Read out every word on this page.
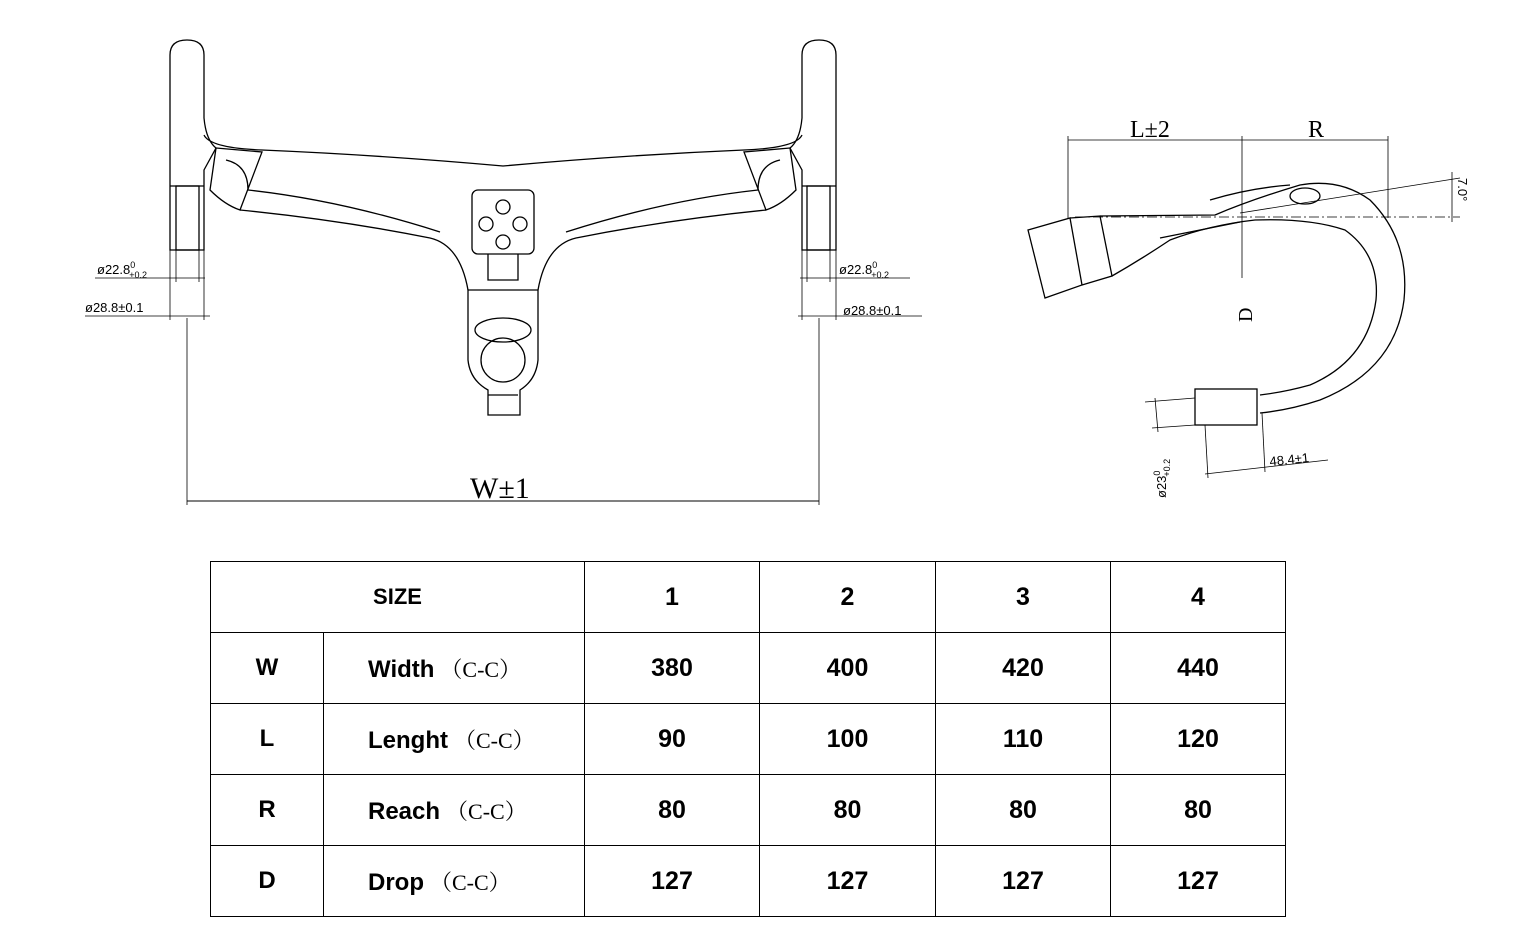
W±1
$ø22.8^0 +0.2$
ø28.8±0.1
$ø22.8^0 +0.2$
ø28.8±0.1
L±2	R
7.0°
D
$ø23^0+0.2$	48.4±1
SIZE		1	2	3	4
W	Width （C-C）	380	400	420	440
L	Lenght （C-C）	90	100	110	120
R	Reach （C-C）	80	80	80	80
D	Drop （C-C）	127	127	127	127
